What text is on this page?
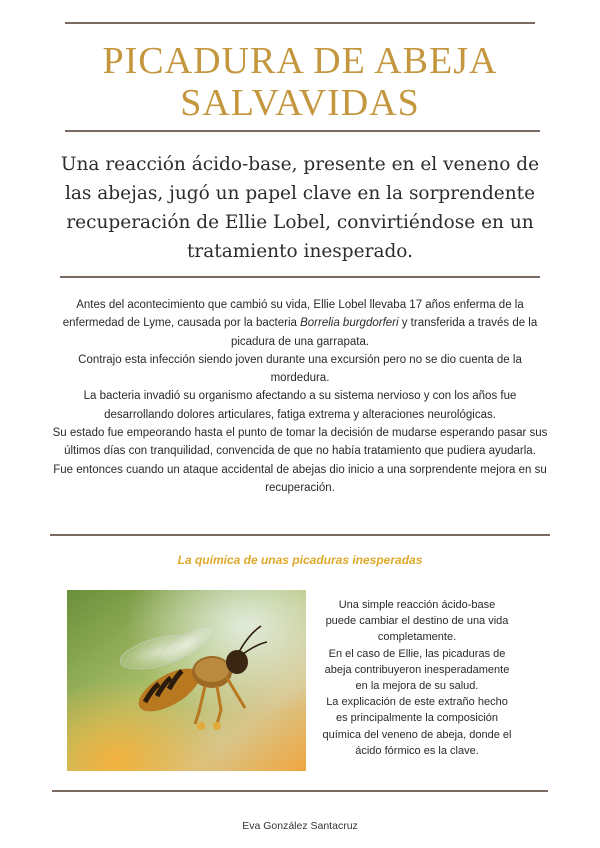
PICADURA DE ABEJA
SALVAVIDAS
Una reacción ácido-base, presente en el veneno de las abejas, jugó un papel clave en la sorprendente recuperación de Ellie Lobel, convirtiéndose en un tratamiento inesperado.

Antes del acontecimiento que cambió su vida, Ellie Lobel llevaba 17 años enferma de la enfermedad de Lyme, causada por la bacteria Borrelia burgdorferi y transferida a través de la picadura de una garrapata.

Contrajo esta infección siendo joven durante una excursión pero no se dio cuenta de la mordedura.

La bacteria invadió su organismo afectando a su sistema nervioso y con los años fue desarrollando dolores articulares, fatiga extrema y alteraciones neurológicas.

Su estado fue empeorando hasta el punto de tomar la decisión de mudarse esperando pasar sus últimos días con tranquilidad, convencida de que no había tratamiento que pudiera ayudarla.

Fue entonces cuando un ataque accidental de abejas dio inicio a una sorprendente mejora en su recuperación.

La química de unas picaduras inesperadas

Una simple reacción ácido-base puede cambiar el destino de una vida completamente.

En el caso de Ellie, las picaduras de abeja contribuyeron inesperadamente en la mejora de su salud.

La explicación de este extraño hecho es principalmente la composición química del veneno de abeja, donde el ácido fórmico es la clave.

Eva González Santacruz
